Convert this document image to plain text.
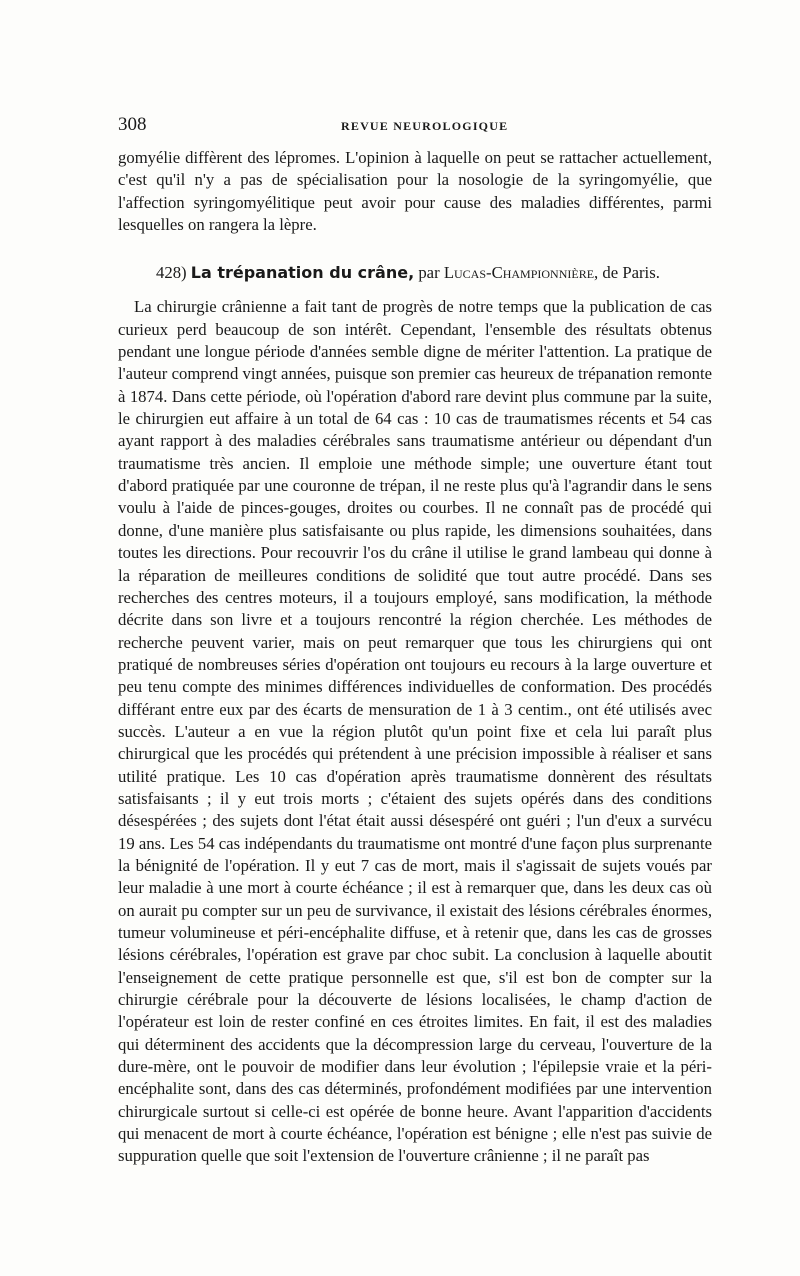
308	REVUE NEUROLOGIQUE

gomyélie diffèrent des lépromes. L'opinion à laquelle on peut se rattacher actuellement, c'est qu'il n'y a pas de spécialisation pour la nosologie de la syringomyélie, que l'affection syringomyélitique peut avoir pour cause des maladies différentes, parmi lesquelles on rangera la lèpre.

428) La trépanation du crâne, par Lucas-Championnière, de Paris.

La chirurgie crânienne a fait tant de progrès de notre temps que la publication de cas curieux perd beaucoup de son intérêt. Cependant, l'ensemble des résultats obtenus pendant une longue période d'années semble digne de mériter l'attention. La pratique de l'auteur comprend vingt années, puisque son premier cas heureux de trépanation remonte à 1874. Dans cette période, où l'opération d'abord rare devint plus commune par la suite, le chirurgien eut affaire à un total de 64 cas : 10 cas de traumatismes récents et 54 cas ayant rapport à des maladies cérébrales sans traumatisme antérieur ou dépendant d'un traumatisme très ancien. Il emploie une méthode simple; une ouverture étant tout d'abord pratiquée par une couronne de trépan, il ne reste plus qu'à l'agrandir dans le sens voulu à l'aide de pinces-gouges, droites ou courbes. Il ne connaît pas de procédé qui donne, d'une manière plus satisfaisante ou plus rapide, les dimensions souhaitées, dans toutes les directions. Pour recouvrir l'os du crâne il utilise le grand lambeau qui donne à la réparation de meilleures conditions de solidité que tout autre procédé. Dans ses recherches des centres moteurs, il a toujours employé, sans modification, la méthode décrite dans son livre et a toujours rencontré la région cherchée. Les méthodes de recherche peuvent varier, mais on peut remarquer que tous les chirurgiens qui ont pratiqué de nombreuses séries d'opération ont toujours eu recours à la large ouverture et peu tenu compte des minimes différences individuelles de conformation. Des procédés différant entre eux par des écarts de mensuration de 1 à 3 centim., ont été utilisés avec succès. L'auteur a en vue la région plutôt qu'un point fixe et cela lui paraît plus chirurgical que les procédés qui prétendent à une précision impossible à réaliser et sans utilité pratique. Les 10 cas d'opération après traumatisme donnèrent des résultats satisfaisants ; il y eut trois morts ; c'étaient des sujets opérés dans des conditions désespérées ; des sujets dont l'état était aussi désespéré ont guéri ; l'un d'eux a survécu 19 ans. Les 54 cas indépendants du traumatisme ont montré d'une façon plus surprenante la bénignité de l'opération. Il y eut 7 cas de mort, mais il s'agissait de sujets voués par leur maladie à une mort à courte échéance ; il est à remarquer que, dans les deux cas où on aurait pu compter sur un peu de survivance, il existait des lésions cérébrales énormes, tumeur volumineuse et péri-encéphalite diffuse, et à retenir que, dans les cas de grosses lésions cérébrales, l'opération est grave par choc subit. La conclusion à laquelle aboutit l'enseignement de cette pratique personnelle est que, s'il est bon de compter sur la chirurgie cérébrale pour la découverte de lésions localisées, le champ d'action de l'opérateur est loin de rester confiné en ces étroites limites. En fait, il est des maladies qui déterminent des accidents que la décompression large du cerveau, l'ouverture de la dure-mère, ont le pouvoir de modifier dans leur évolution ; l'épilepsie vraie et la péri-encéphalite sont, dans des cas déterminés, profondément modifiées par une intervention chirurgicale surtout si celle-ci est opérée de bonne heure. Avant l'apparition d'accidents qui menacent de mort à courte échéance, l'opération est bénigne ; elle n'est pas suivie de suppuration quelle que soit l'extension de l'ouverture crânienne ; il ne paraît pas
